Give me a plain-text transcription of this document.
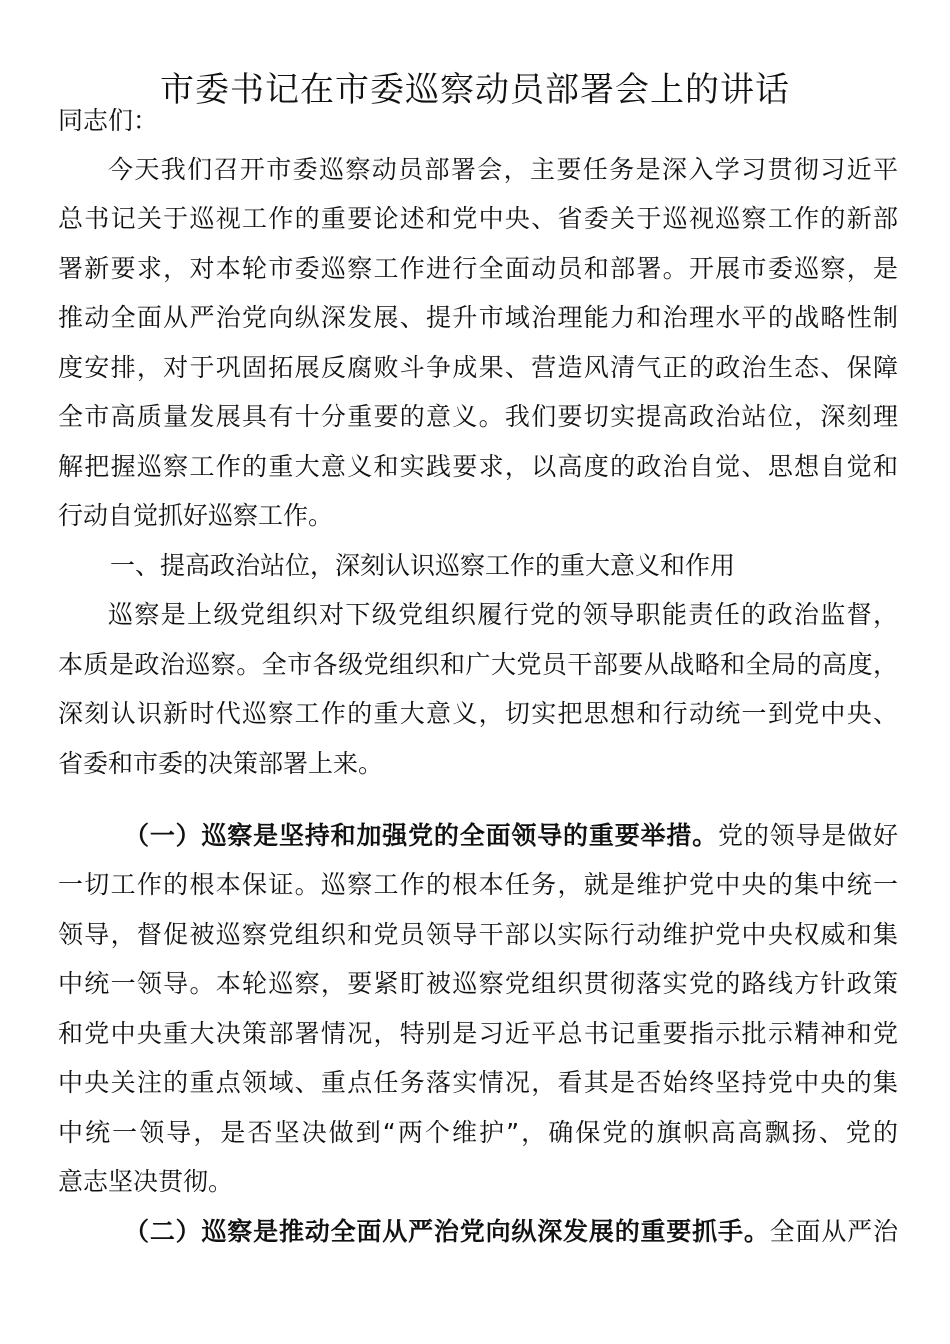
市委书记在市委巡察动员部署会上的讲话
同志们：
今天我们召开市委巡察动员部署会，主要任务是深入学习贯彻习近平
总书记关于巡视工作的重要论述和党中央、省委关于巡视巡察工作的新部
署新要求，对本轮市委巡察工作进行全面动员和部署。开展市委巡察，是
推动全面从严治党向纵深发展、提升市域治理能力和治理水平的战略性制
度安排，对于巩固拓展反腐败斗争成果、营造风清气正的政治生态、保障
全市高质量发展具有十分重要的意义。我们要切实提高政治站位，深刻理
解把握巡察工作的重大意义和实践要求，以高度的政治自觉、思想自觉和
行动自觉抓好巡察工作。
一、提高政治站位，深刻认识巡察工作的重大意义和作用
巡察是上级党组织对下级党组织履行党的领导职能责任的政治监督，
本质是政治巡察。全市各级党组织和广大党员干部要从战略和全局的高度，
深刻认识新时代巡察工作的重大意义，切实把思想和行动统一到党中央、
省委和市委的决策部署上来。
（一）巡察是坚持和加强党的全面领导的重要举措。党的领导是做好
一切工作的根本保证。巡察工作的根本任务，就是维护党中央的集中统一
领导，督促被巡察党组织和党员领导干部以实际行动维护党中央权威和集
中统一领导。本轮巡察，要紧盯被巡察党组织贯彻落实党的路线方针政策
和党中央重大决策部署情况，特别是习近平总书记重要指示批示精神和党
中央关注的重点领域、重点任务落实情况，看其是否始终坚持党中央的集
中统一领导，是否坚决做到“两个维护”，确保党的旗帜高高飘扬、党的
意志坚决贯彻。
（二）巡察是推动全面从严治党向纵深发展的重要抓手。全面从严治
